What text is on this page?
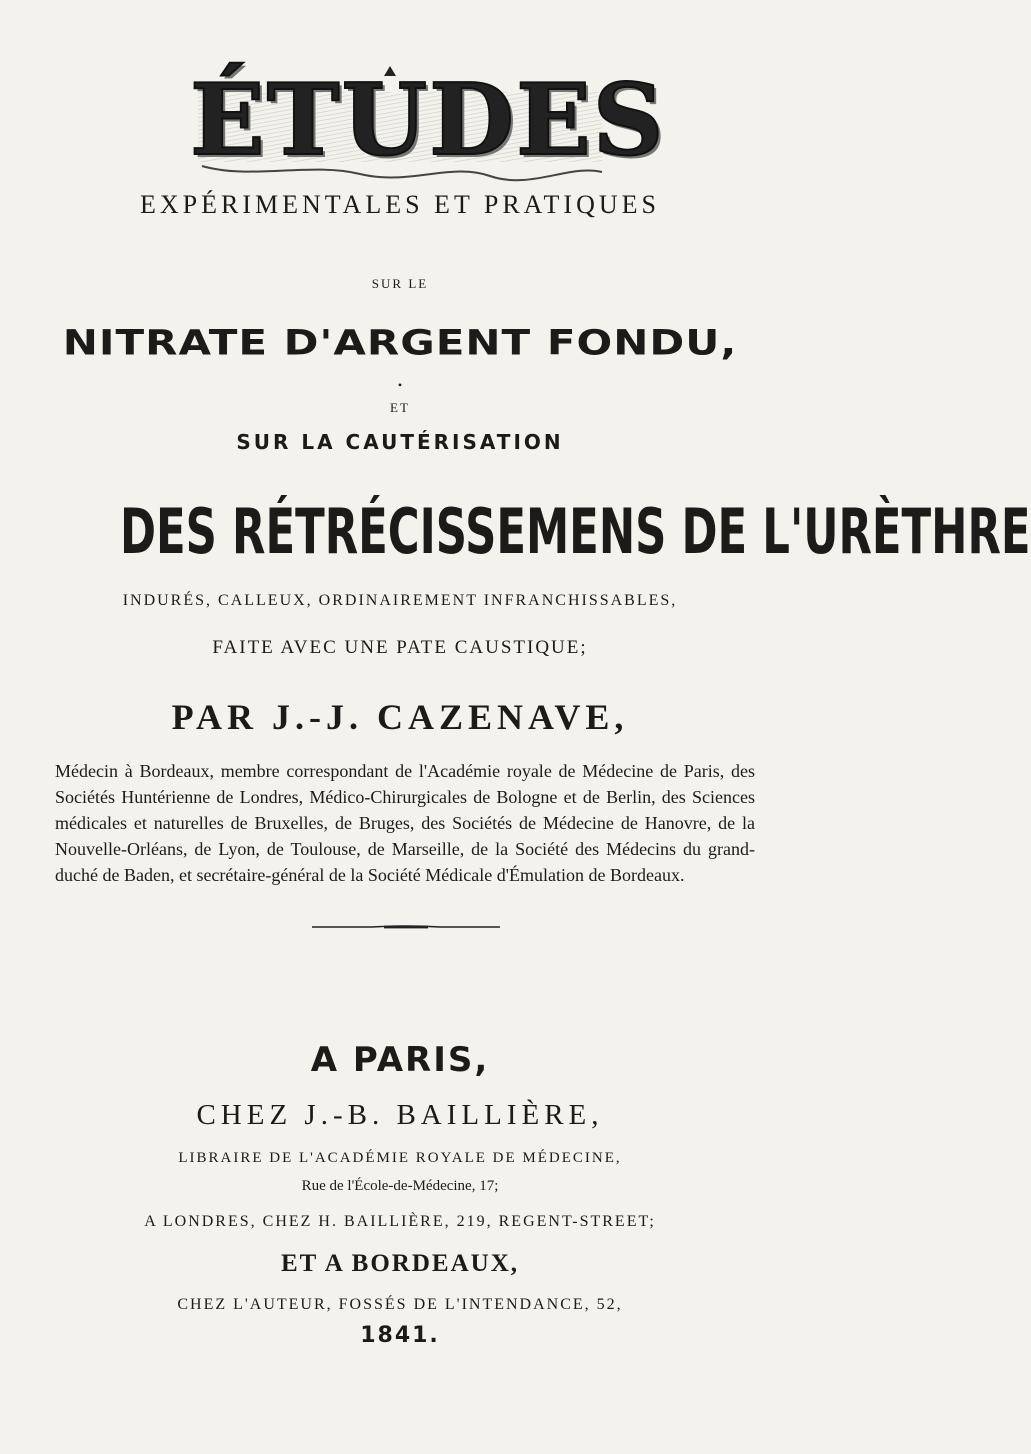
ÉTUDES
EXPÉRIMENTALES ET PRATIQUES
SUR LE
NITRATE D'ARGENT FONDU,
•
ET
SUR LA CAUTÉRISATION
DES RÉTRÉCISSEMENS DE L'URÈTHRE
INDURÉS, CALLEUX, ORDINAIREMENT INFRANCHISSABLES,
FAITE AVEC UNE PATE CAUSTIQUE;
PAR J.-J. CAZENAVE,
Médecin à Bordeaux, membre correspondant de l'Académie royale de Médecine de Paris, des Sociétés Huntérienne de Londres, Médico-Chirurgicales de Bologne et de Berlin, des Sciences médicales et naturelles de Bruxelles, de Bruges, des Sociétés de Médecine de Hanovre, de la Nouvelle-Orléans, de Lyon, de Toulouse, de Marseille, de la Société des Médecins du grand-duché de Baden, et secrétaire-général de la Société Médicale d'Émulation de Bordeaux.
A PARIS,
CHEZ J.-B. BAILLIÈRE,
LIBRAIRE DE L'ACADÉMIE ROYALE DE MÉDECINE,
Rue de l'École-de-Médecine, 17;
A LONDRES, CHEZ H. BAILLIÈRE, 219, REGENT-STREET;
ET A BORDEAUX,
CHEZ L'AUTEUR, FOSSÉS DE L'INTENDANCE, 52,
1841.
